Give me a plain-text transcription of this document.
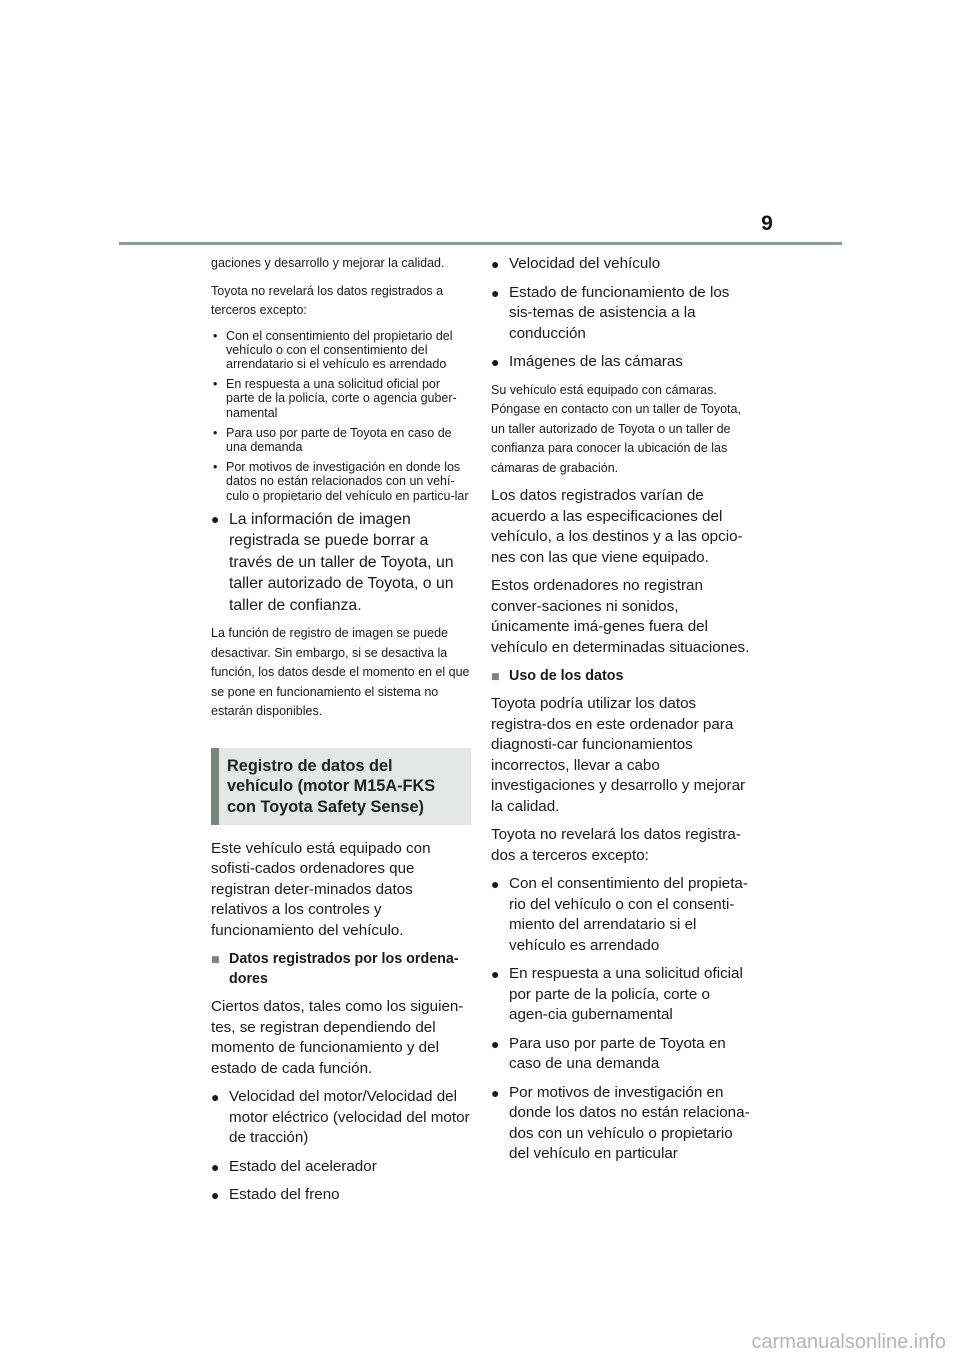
9

gaciones y desarrollo y mejorar la calidad.

Toyota no revelará los datos registrados a terceros excepto:

• Con el consentimiento del propietario del vehículo o con el consentimiento del arrendatario si el vehículo es arrendado
• En respuesta a una solicitud oficial por parte de la policía, corte o agencia guber-namental
• Para uso por parte de Toyota en caso de una demanda
• Por motivos de investigación en donde los datos no están relacionados con un vehí-culo o propietario del vehículo en particu-lar
● La información de imagen registrada se puede borrar a través de un taller de Toyota, un taller autorizado de Toyota, o un taller de confianza.

La función de registro de imagen se puede desactivar. Sin embargo, si se desactiva la función, los datos desde el momento en el que se pone en funcionamiento el sistema no estarán disponibles.

Registro de datos del vehículo (motor M15A-FKS con Toyota Safety Sense)

Este vehículo está equipado con sofisti-cados ordenadores que registran deter-minados datos relativos a los controles y funcionamiento del vehículo.

■ Datos registrados por los ordena-dores

Ciertos datos, tales como los siguien-tes, se registran dependiendo del momento de funcionamiento y del estado de cada función.

● Velocidad del motor/Velocidad del motor eléctrico (velocidad del motor de tracción)
● Estado del acelerador
● Estado del freno
● Velocidad del vehículo
● Estado de funcionamiento de los sis-temas de asistencia a la conducción
● Imágenes de las cámaras

Su vehículo está equipado con cámaras. Póngase en contacto con un taller de Toyota, un taller autorizado de Toyota o un taller de confianza para conocer la ubicación de las cámaras de grabación.

Los datos registrados varían de acuerdo a las especificaciones del vehículo, a los destinos y a las opcio-nes con las que viene equipado.

Estos ordenadores no registran conver-saciones ni sonidos, únicamente imá-genes fuera del vehículo en determinadas situaciones.

■ Uso de los datos

Toyota podría utilizar los datos registra-dos en este ordenador para diagnosti-car funcionamientos incorrectos, llevar a cabo investigaciones y desarrollo y mejorar la calidad.

Toyota no revelará los datos registra-dos a terceros excepto:

● Con el consentimiento del propieta-rio del vehículo o con el consenti-miento del arrendatario si el vehículo es arrendado
● En respuesta a una solicitud oficial por parte de la policía, corte o agen-cia gubernamental
● Para uso por parte de Toyota en caso de una demanda
● Por motivos de investigación en donde los datos no están relaciona-dos con un vehículo o propietario del vehículo en particular
carmanualsonline.info
